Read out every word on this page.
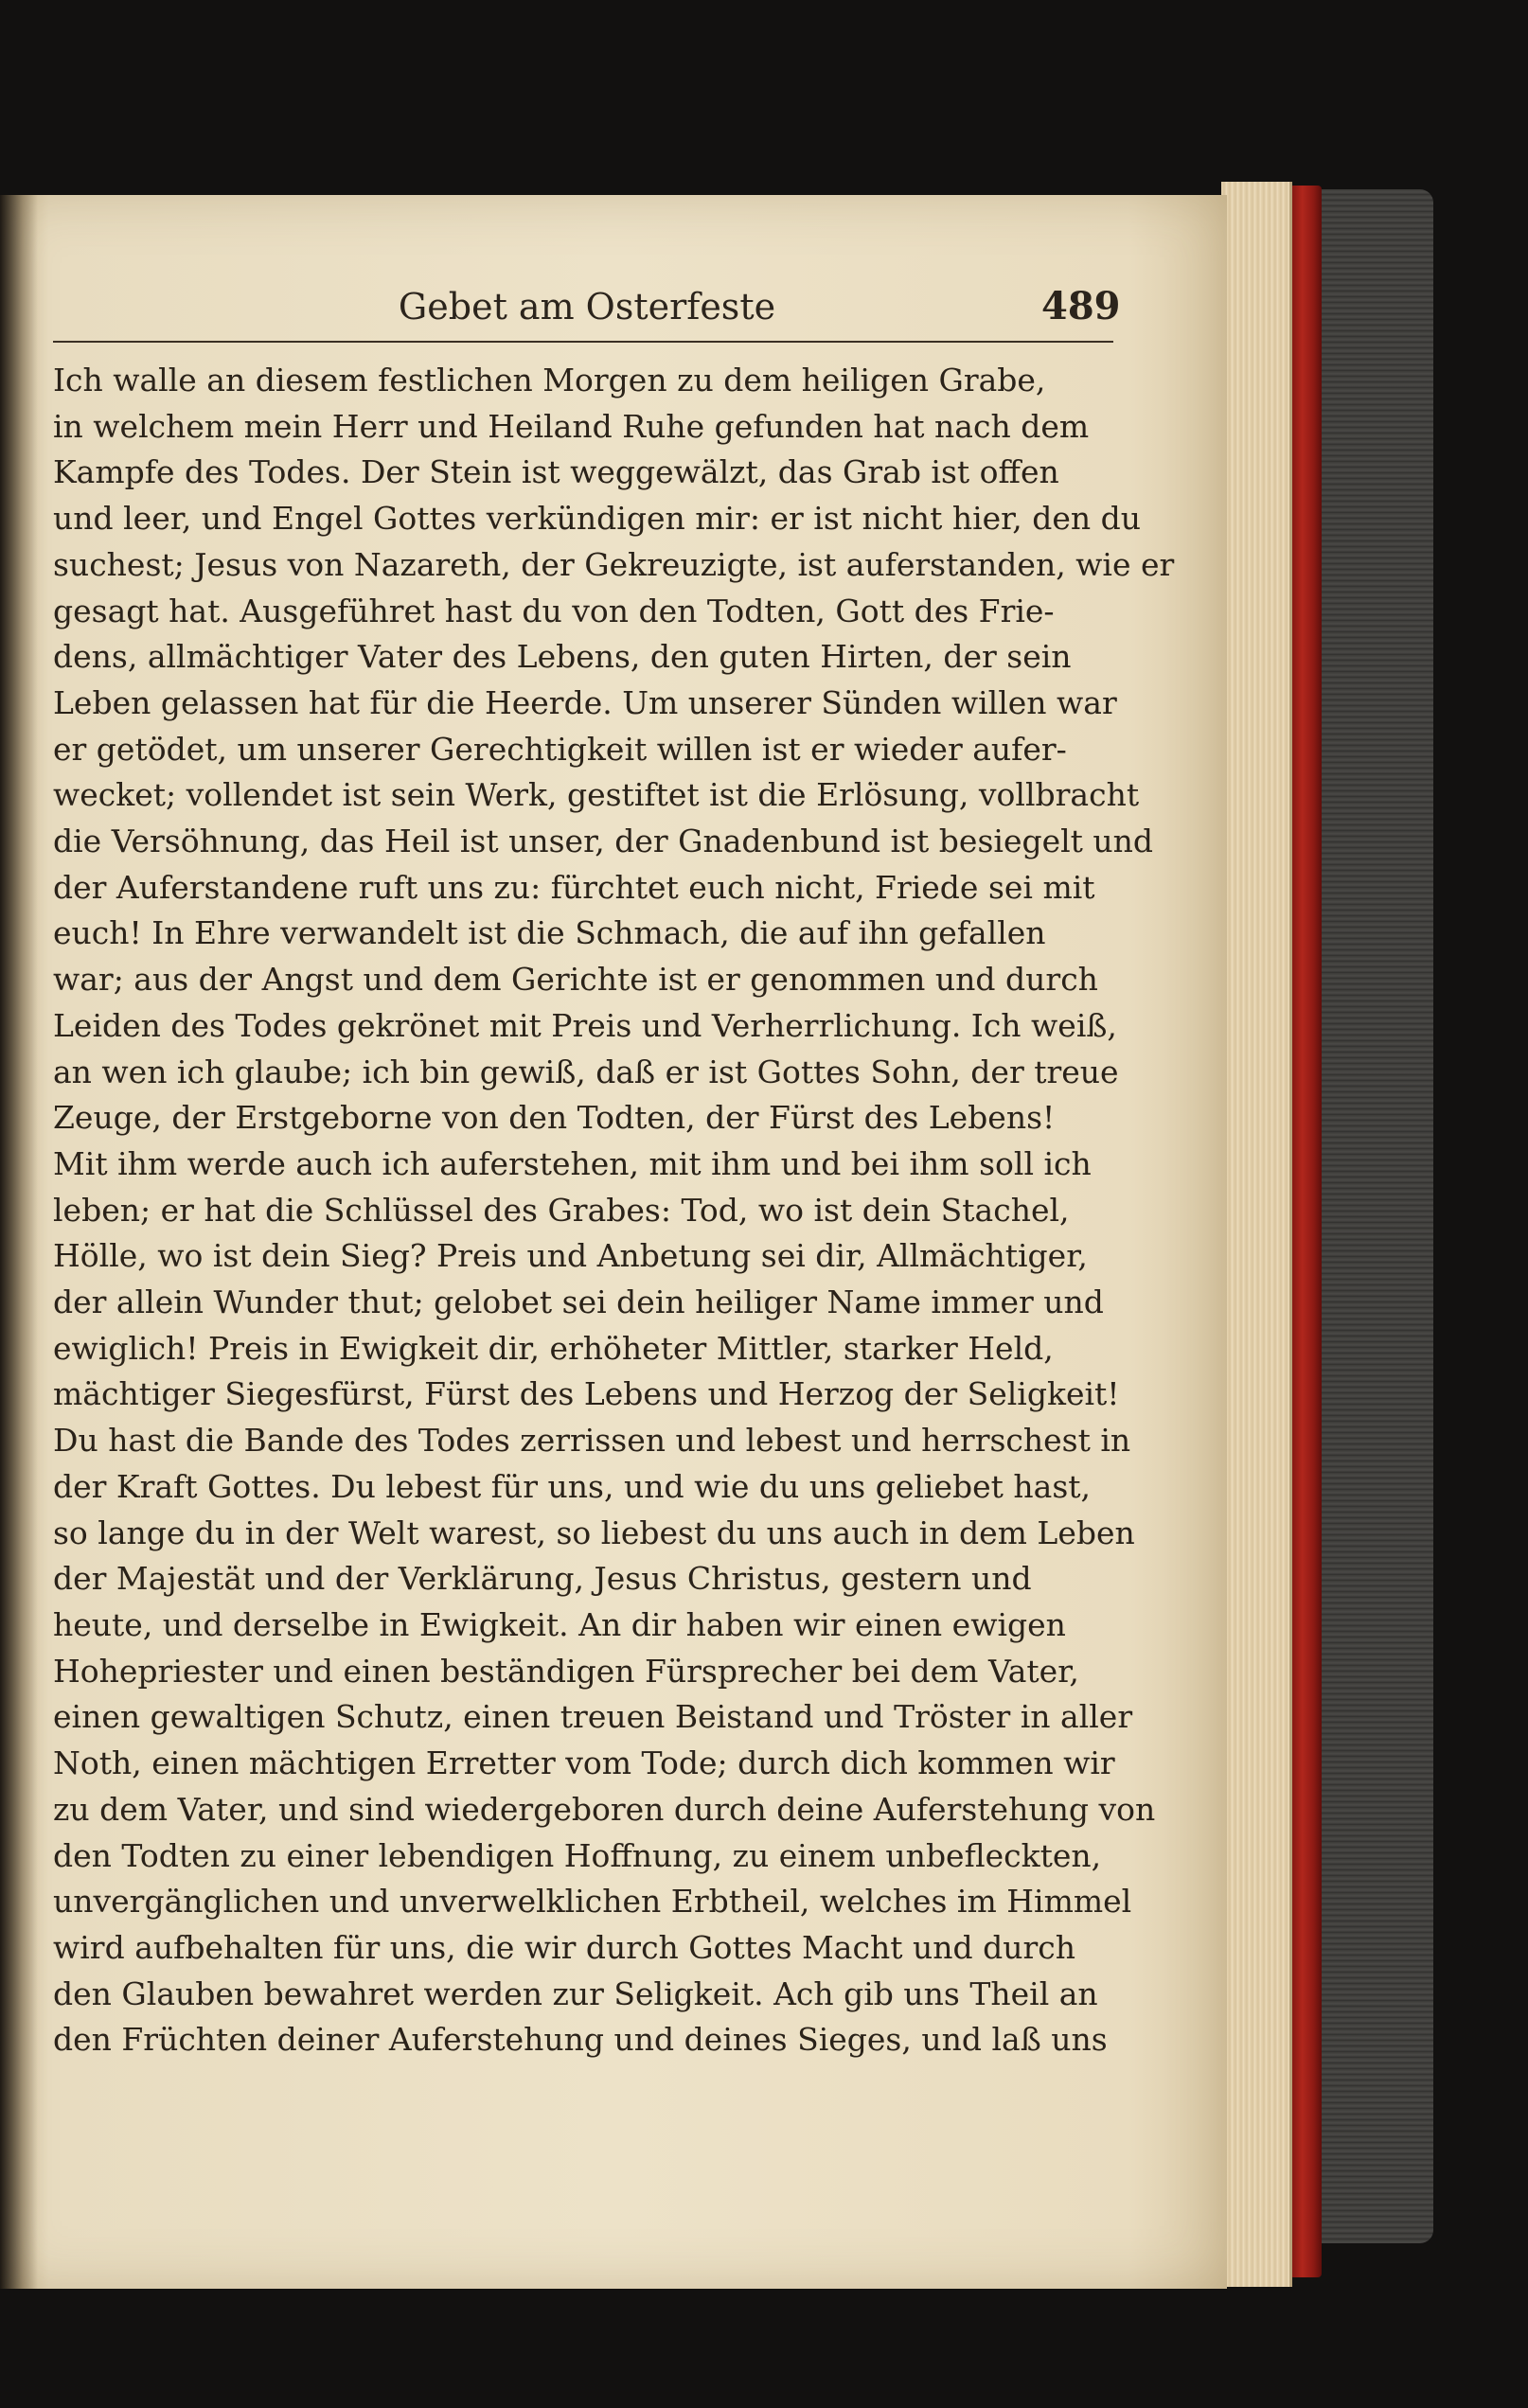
Gebet am Osterfeste	489
Ich walle an diesem festlichen Morgen zu dem heiligen Grabe,
in welchem mein Herr und Heiland Ruhe gefunden hat nach dem
Kampfe des Todes. Der Stein ist weggewälzt, das Grab ist offen
und leer, und Engel Gottes verkündigen mir: er ist nicht hier, den du
suchest; Jesus von Nazareth, der Gekreuzigte, ist auferstanden, wie er
gesagt hat. Ausgeführet hast du von den Todten, Gott des Frie-
dens, allmächtiger Vater des Lebens, den guten Hirten, der sein
Leben gelassen hat für die Heerde. Um unserer Sünden willen war
er getödet, um unserer Gerechtigkeit willen ist er wieder aufer-
wecket; vollendet ist sein Werk, gestiftet ist die Erlösung, vollbracht
die Versöhnung, das Heil ist unser, der Gnadenbund ist besiegelt und
der Auferstandene ruft uns zu: fürchtet euch nicht, Friede sei mit
euch! In Ehre verwandelt ist die Schmach, die auf ihn gefallen
war; aus der Angst und dem Gerichte ist er genommen und durch
Leiden des Todes gekrönet mit Preis und Verherrlichung. Ich weiß,
an wen ich glaube; ich bin gewiß, daß er ist Gottes Sohn, der treue
Zeuge, der Erstgeborne von den Todten, der Fürst des Lebens!
Mit ihm werde auch ich auferstehen, mit ihm und bei ihm soll ich
leben; er hat die Schlüssel des Grabes: Tod, wo ist dein Stachel,
Hölle, wo ist dein Sieg? Preis und Anbetung sei dir, Allmächtiger,
der allein Wunder thut; gelobet sei dein heiliger Name immer und
ewiglich! Preis in Ewigkeit dir, erhöheter Mittler, starker Held,
mächtiger Siegesfürst, Fürst des Lebens und Herzog der Seligkeit!
Du hast die Bande des Todes zerrissen und lebest und herrschest in
der Kraft Gottes. Du lebest für uns, und wie du uns geliebet hast,
so lange du in der Welt warest, so liebest du uns auch in dem Leben
der Majestät und der Verklärung, Jesus Christus, gestern und
heute, und derselbe in Ewigkeit. An dir haben wir einen ewigen
Hohepriester und einen beständigen Fürsprecher bei dem Vater,
einen gewaltigen Schutz, einen treuen Beistand und Tröster in aller
Noth, einen mächtigen Erretter vom Tode; durch dich kommen wir
zu dem Vater, und sind wiedergeboren durch deine Auferstehung von
den Todten zu einer lebendigen Hoffnung, zu einem unbefleckten,
unvergänglichen und unverwelklichen Erbtheil, welches im Himmel
wird aufbehalten für uns, die wir durch Gottes Macht und durch
den Glauben bewahret werden zur Seligkeit. Ach gib uns Theil an
den Früchten deiner Auferstehung und deines Sieges, und laß uns
